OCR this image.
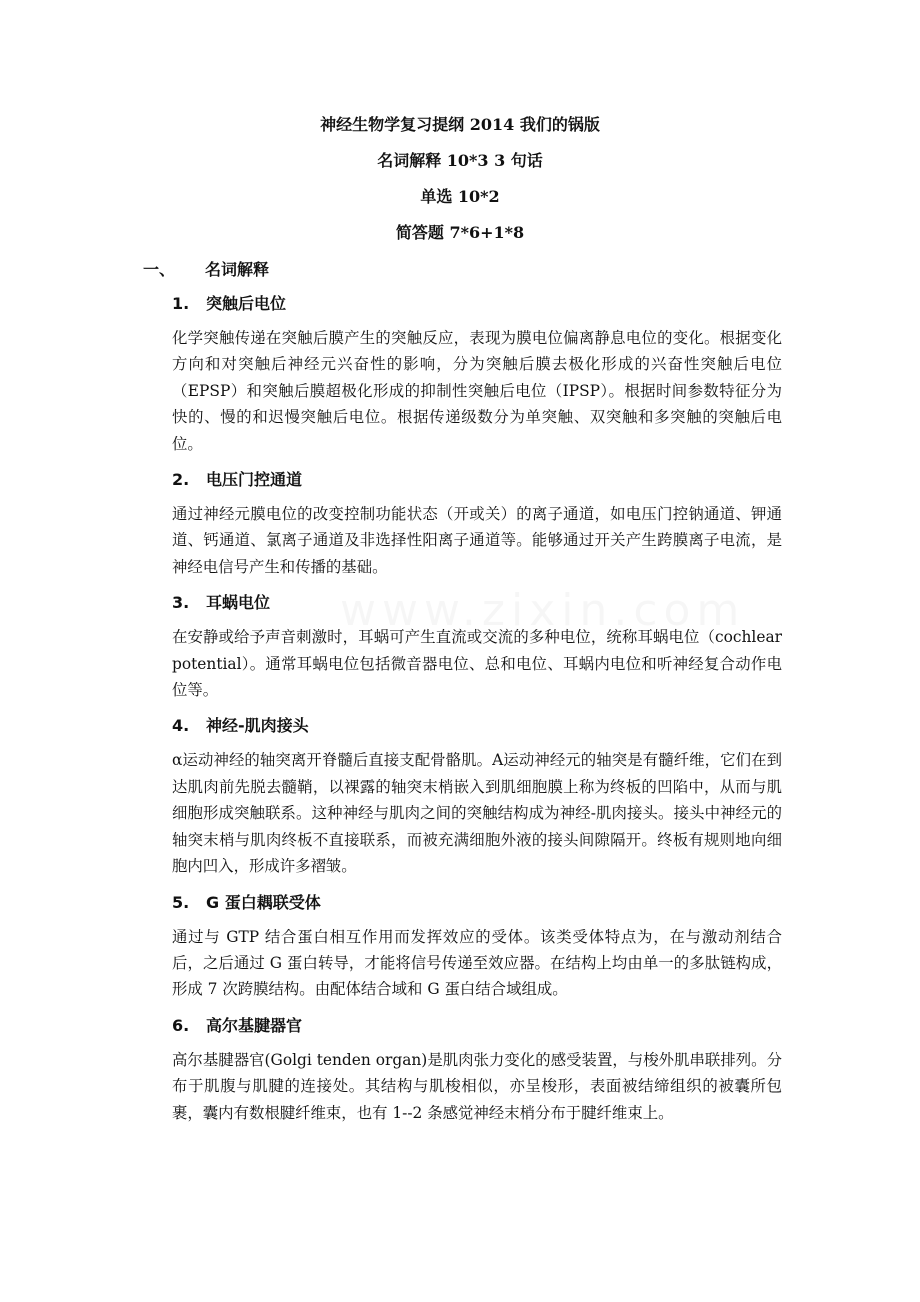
神经生物学复习提纲 2014 我们的锅版
名词解释 10*3 3 句话
单选 10*2
简答题 7*6+1*8
一、 名词解释
1. 突触后电位
化学突触传递在突触后膜产生的突触反应，表现为膜电位偏离静息电位的变化。根据变化方向和对突触后神经元兴奋性的影响，分为突触后膜去极化形成的兴奋性突触后电位（EPSP）和突触后膜超极化形成的抑制性突触后电位（IPSP）。根据时间参数特征分为快的、慢的和迟慢突触后电位。根据传递级数分为单突触、双突触和多突触的突触后电位。
2. 电压门控通道
通过神经元膜电位的改变控制功能状态（开或关）的离子通道，如电压门控钠通道、钾通道、钙通道、氯离子通道及非选择性阳离子通道等。能够通过开关产生跨膜离子电流，是神经电信号产生和传播的基础。
3. 耳蜗电位
在安静或给予声音刺激时，耳蜗可产生直流或交流的多种电位，统称耳蜗电位（cochlear potential）。通常耳蜗电位包括微音器电位、总和电位、耳蜗内电位和听神经复合动作电位等。
4. 神经-肌肉接头
α运动神经的轴突离开脊髓后直接支配骨骼肌。A运动神经元的轴突是有髓纤维，它们在到达肌肉前先脱去髓鞘，以裸露的轴突末梢嵌入到肌细胞膜上称为终板的凹陷中，从而与肌细胞形成突触联系。这种神经与肌肉之间的突触结构成为神经-肌肉接头。接头中神经元的轴突末梢与肌肉终板不直接联系，而被充满细胞外液的接头间隙隔开。终板有规则地向细胞内凹入，形成许多褶皱。
5. G 蛋白耦联受体
通过与 GTP 结合蛋白相互作用而发挥效应的受体。该类受体特点为，在与激动剂结合后，之后通过 G 蛋白转导，才能将信号传递至效应器。在结构上均由单一的多肽链构成，形成 7 次跨膜结构。由配体结合域和 G 蛋白结合域组成。
6. 高尔基腱器官
高尔基腱器官(Golgi tenden organ)是肌肉张力变化的感受装置，与梭外肌串联排列。分布于肌腹与肌腱的连接处。其结构与肌梭相似，亦呈梭形，表面被结缔组织的被囊所包裹，囊内有数根腱纤维束，也有 1--2 条感觉神经末梢分布于腱纤维束上。
